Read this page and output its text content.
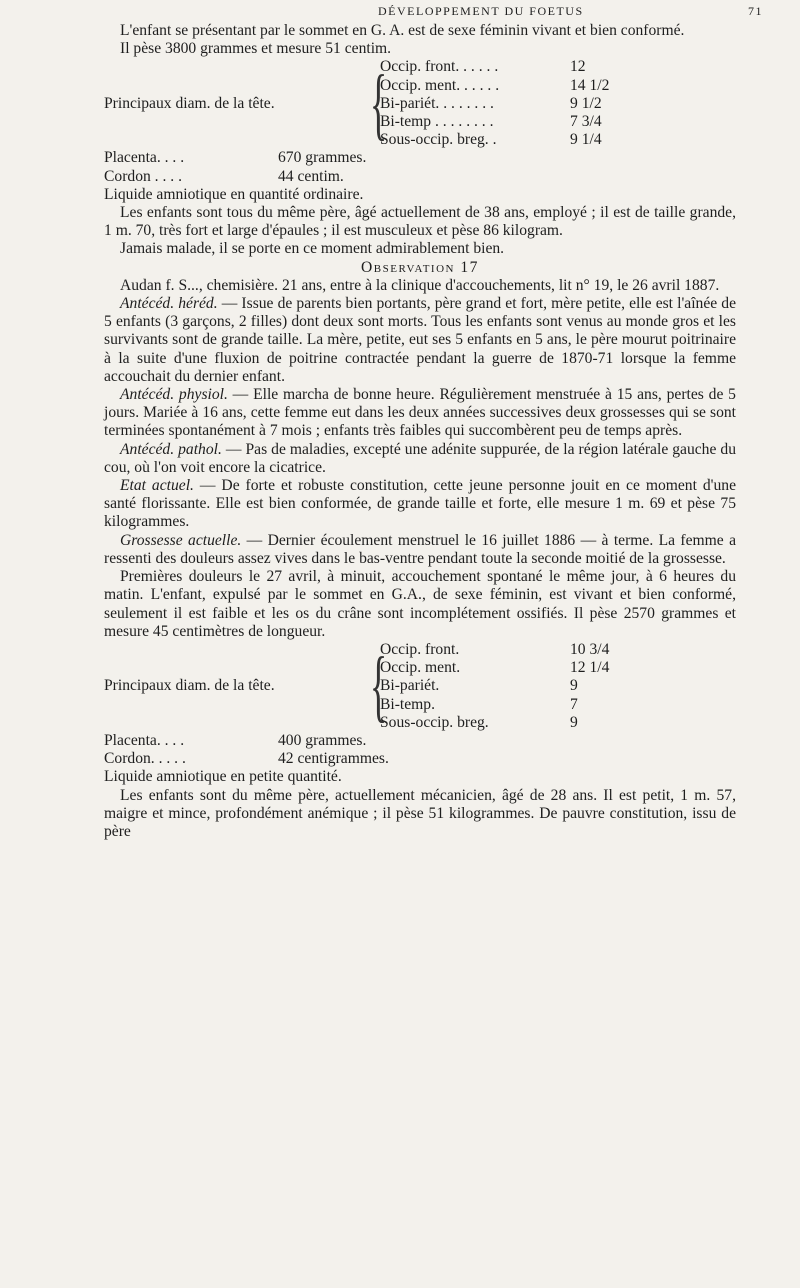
DÉVELOPPEMENT DU FOETUS	71

L'enfant se présentant par le sommet en G. A. est de sexe féminin vivant et bien conformé.

Il pèse 3800 grammes et mesure 51 centim.

Principaux diam. de la tête.	{
Occip. front. . . . . .	12
Occip. ment. . . . . .	14 1/2
Bi-pariét. . . . . . . .	9 1/2
Bi-temp . . . . . . . .	7 3/4
Sous-occip. breg. .	9 1/4
Placenta. . . .	670 grammes.
Cordon . . . .	44 centim.

Liquide amniotique en quantité ordinaire.

Les enfants sont tous du même père, âgé actuellement de 38 ans, employé ; il est de taille grande, 1 m. 70, très fort et large d'épaules ; il est musculeux et pèse 86 kilogram.

Jamais malade, il se porte en ce moment admirablement bien.

Observation 17

Audan f. S..., chemisière. 21 ans, entre à la clinique d'accouchements, lit n° 19, le 26 avril 1887.

Antécéd. héréd. — Issue de parents bien portants, père grand et fort, mère petite, elle est l'aînée de 5 enfants (3 garçons, 2 filles) dont deux sont morts. Tous les enfants sont venus au monde gros et les survivants sont de grande taille. La mère, petite, eut ses 5 enfants en 5 ans, le père mourut poitrinaire à la suite d'une fluxion de poitrine contractée pendant la guerre de 1870-71 lorsque la femme accouchait du dernier enfant.

Antécéd. physiol. — Elle marcha de bonne heure. Régulièrement menstruée à 15 ans, pertes de 5 jours. Mariée à 16 ans, cette femme eut dans les deux années successives deux grossesses qui se sont terminées spontanément à 7 mois ; enfants très faibles qui succombèrent peu de temps après.

Antécéd. pathol. — Pas de maladies, excepté une adénite suppurée, de la région latérale gauche du cou, où l'on voit encore la cicatrice.

Etat actuel. — De forte et robuste constitution, cette jeune personne jouit en ce moment d'une santé florissante. Elle est bien conformée, de grande taille et forte, elle mesure 1 m. 69 et pèse 75 kilogrammes.

Grossesse actuelle. — Dernier écoulement menstruel le 16 juillet 1886 — à terme. La femme a ressenti des douleurs assez vives dans le bas-ventre pendant toute la seconde moitié de la grossesse.

Premières douleurs le 27 avril, à minuit, accouchement spontané le même jour, à 6 heures du matin. L'enfant, expulsé par le sommet en G.A., de sexe féminin, est vivant et bien conformé, seulement il est faible et les os du crâne sont incomplétement ossifiés. Il pèse 2570 grammes et mesure 45 centimètres de longueur.

Principaux diam. de la tête.	{
Occip. front.	10 3/4
Occip. ment.	12 1/4
Bi-pariét.	9
Bi-temp.	7
Sous-occip. breg.	9
Placenta. . . .	400 grammes.
Cordon. . . . .	42 centigrammes.

Liquide amniotique en petite quantité.

Les enfants sont du même père, actuellement mécanicien, âgé de 28 ans. Il est petit, 1 m. 57, maigre et mince, profondément anémique ; il pèse 51 kilogrammes. De pauvre constitution, issu de père
